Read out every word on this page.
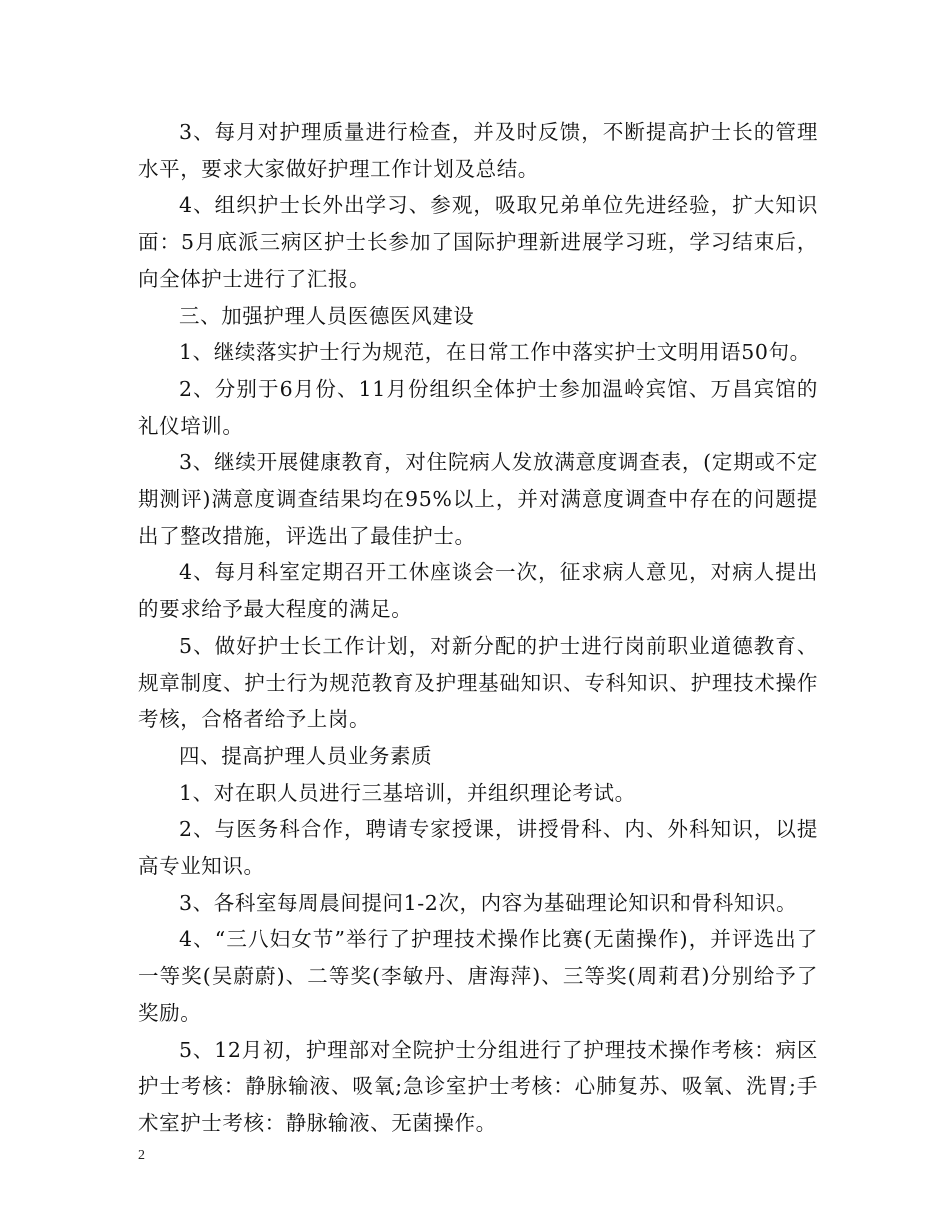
3、每月对护理质量进行检查，并及时反馈，不断提高护士长的管理水平，要求大家做好护理工作计划及总结。

4、组织护士长外出学习、参观，吸取兄弟单位先进经验，扩大知识面：5月底派三病区护士长参加了国际护理新进展学习班，学习结束后，向全体护士进行了汇报。

三、加强护理人员医德医风建设

1、继续落实护士行为规范，在日常工作中落实护士文明用语50句。

2、分别于6月份、11月份组织全体护士参加温岭宾馆、万昌宾馆的礼仪培训。

3、继续开展健康教育，对住院病人发放满意度调查表，(定期或不定期测评)满意度调查结果均在95%以上，并对满意度调查中存在的问题提出了整改措施，评选出了最佳护士。

4、每月科室定期召开工休座谈会一次，征求病人意见，对病人提出的要求给予最大程度的满足。

5、做好护士长工作计划，对新分配的护士进行岗前职业道德教育、规章制度、护士行为规范教育及护理基础知识、专科知识、护理技术操作考核，合格者给予上岗。

四、提高护理人员业务素质

1、对在职人员进行三基培训，并组织理论考试。

2、与医务科合作，聘请专家授课，讲授骨科、内、外科知识，以提高专业知识。

3、各科室每周晨间提问1-2次，内容为基础理论知识和骨科知识。

4、“三八妇女节”举行了护理技术操作比赛(无菌操作)，并评选出了一等奖(吴蔚蔚)、二等奖(李敏丹、唐海萍)、三等奖(周莉君)分别给予了奖励。

5、12月初，护理部对全院护士分组进行了护理技术操作考核：病区护士考核：静脉输液、吸氧;急诊室护士考核：心肺复苏、吸氧、洗胃;手术室护士考核：静脉输液、无菌操作。

2
